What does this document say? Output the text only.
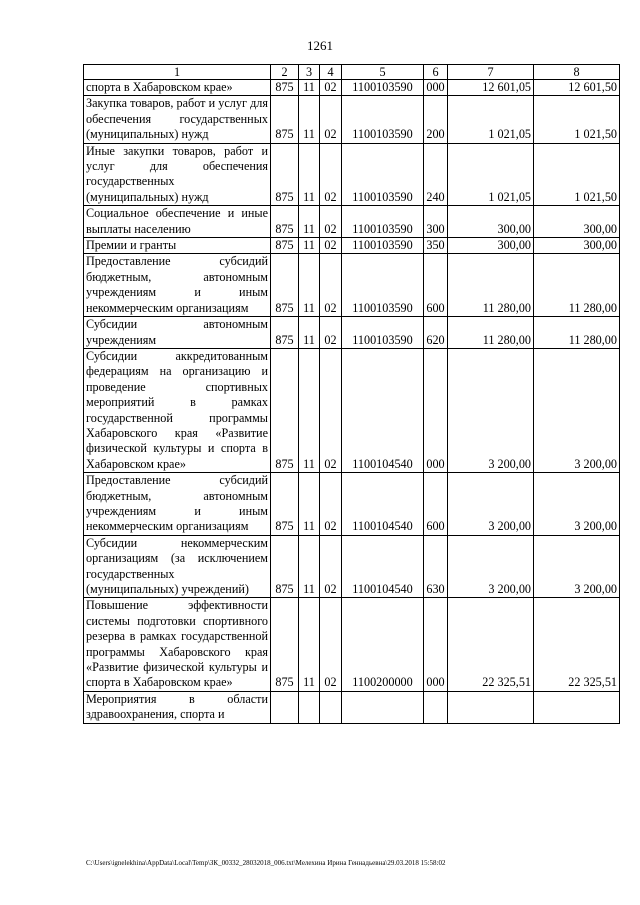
1261
1	2	3	4	5	6	7	8
спорта в Хабаровском крае»	875	11	02	1100103590	000	12 601,05	12 601,50
Закупка товаров, работ и услуг для обеспечения государственных (муниципальных) нужд	875	11	02	1100103590	200	1 021,05	1 021,50
Иные закупки товаров, работ и услуг для обеспечения государственных (муниципальных) нужд	875	11	02	1100103590	240	1 021,05	1 021,50
Социальное обеспечение и иные выплаты населению	875	11	02	1100103590	300	300,00	300,00
Премии и гранты	875	11	02	1100103590	350	300,00	300,00
Предоставление субсидий бюджетным, автономным учреждениям и иным некоммерческим организациям	875	11	02	1100103590	600	11 280,00	11 280,00
Субсидии автономным учреждениям	875	11	02	1100103590	620	11 280,00	11 280,00
Субсидии аккредитованным федерациям на организацию и проведение спортивных мероприятий в рамках государственной программы Хабаровского края «Развитие физической культуры и спорта в Хабаровском крае»	875	11	02	1100104540	000	3 200,00	3 200,00
Предоставление субсидий бюджетным, автономным учреждениям и иным некоммерческим организациям	875	11	02	1100104540	600	3 200,00	3 200,00
Субсидии некоммерческим организациям (за исключением государственных (муниципальных) учреждений)	875	11	02	1100104540	630	3 200,00	3 200,00
Повышение эффективности системы подготовки спортивного резерва в рамках государственной программы Хабаровского края «Развитие физической культуры и спорта в Хабаровском крае»	875	11	02	1100200000	000	22 325,51	22 325,51
Мероприятия в области здравоохранения, спорта и							
C:\Users\ignelekhina\AppData\Local\Temp\ЗК_00332_28032018_006.txt\Мелехина Ирина Геннадьевна\29.03.2018 15:58:02
